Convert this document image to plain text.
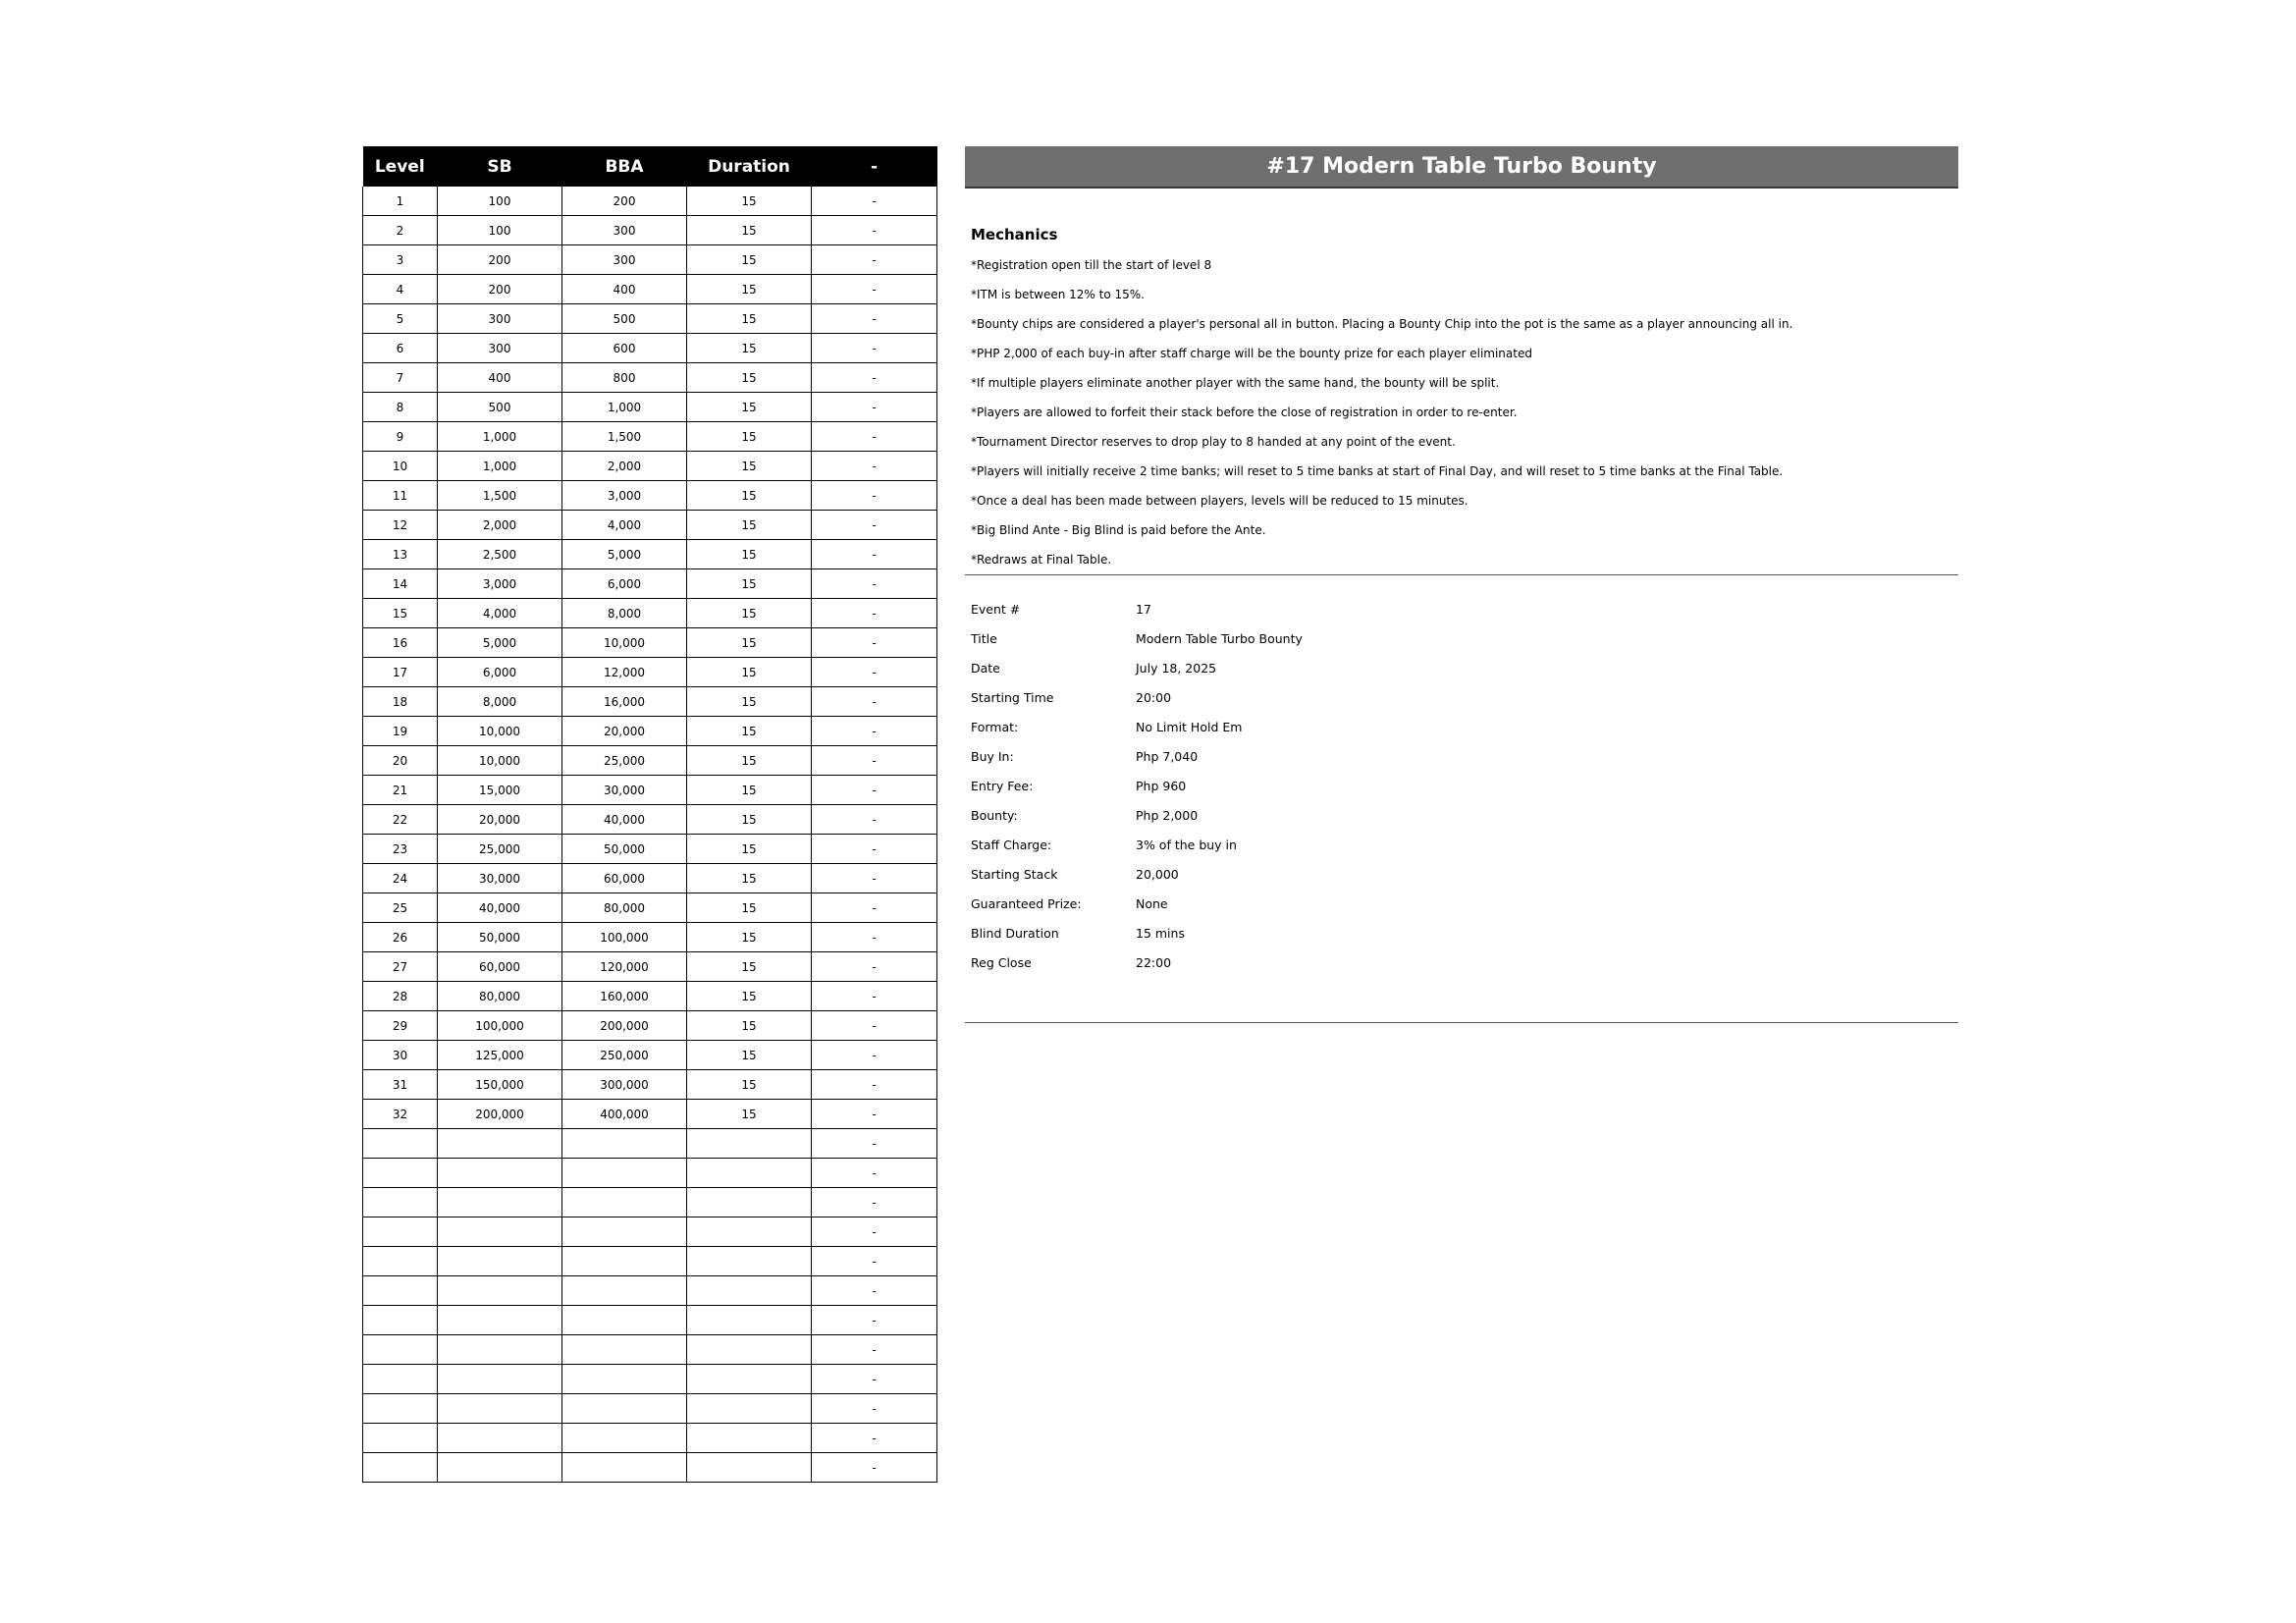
Level	SB	BBA	Duration	-
1	100	200	15	-
2	100	300	15	-
3	200	300	15	-
4	200	400	15	-
5	300	500	15	-
6	300	600	15	-
7	400	800	15	-
8	500	1,000	15	-
9	1,000	1,500	15	-
10	1,000	2,000	15	-
11	1,500	3,000	15	-
12	2,000	4,000	15	-
13	2,500	5,000	15	-
14	3,000	6,000	15	-
15	4,000	8,000	15	-
16	5,000	10,000	15	-
17	6,000	12,000	15	-
18	8,000	16,000	15	-
19	10,000	20,000	15	-
20	10,000	25,000	15	-
21	15,000	30,000	15	-
22	20,000	40,000	15	-
23	25,000	50,000	15	-
24	30,000	60,000	15	-
25	40,000	80,000	15	-
26	50,000	100,000	15	-
27	60,000	120,000	15	-
28	80,000	160,000	15	-
29	100,000	200,000	15	-
30	125,000	250,000	15	-
31	150,000	300,000	15	-
32	200,000	400,000	15	-
				-
				-
				-
				-
				-
				-
				-
				-
				-
				-
				-
				-
#17 Modern Table Turbo Bounty
Mechanics
*Registration open till the start of level 8
*ITM is between 12% to 15%.
*Bounty chips are considered a player's personal all in button. Placing a Bounty Chip into the pot is the same as a player announcing all in.
*PHP 2,000 of each buy-in after staff charge will be the bounty prize for each player eliminated
*If multiple players eliminate another player with the same hand, the bounty will be split.
*Players are allowed to forfeit their stack before the close of registration in order to re-enter.
*Tournament Director reserves to drop play to 8 handed at any point of the event.
*Players will initially receive 2 time banks; will reset to 5 time banks at start of Final Day, and will reset to 5 time banks at the Final Table.
*Once a deal has been made between players, levels will be reduced to 15 minutes.
*Big Blind Ante - Big Blind is paid before the Ante.
*Redraws at Final Table.
Event #	17
Title	Modern Table Turbo Bounty
Date	July 18, 2025
Starting Time	20:00
Format:	No Limit Hold Em
Buy In:	Php 7,040
Entry Fee:	Php 960
Bounty:	Php 2,000
Staff Charge:	3% of the buy in
Starting Stack	20,000
Guaranteed Prize:	None
Blind Duration	15 mins
Reg Close	22:00
